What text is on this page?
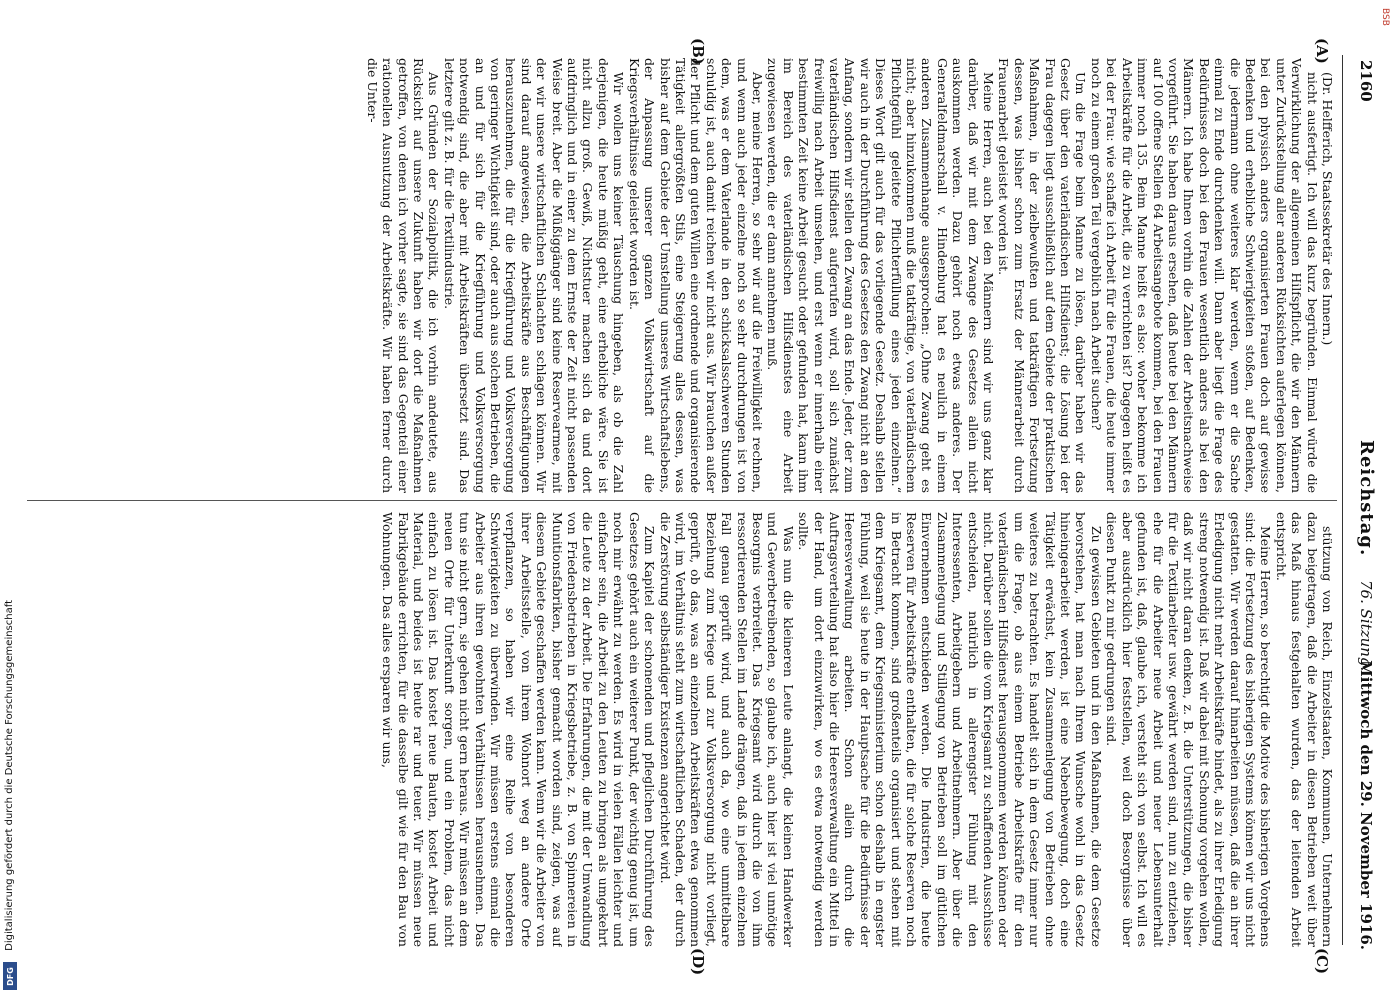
2160
Reichstag.
76. Sitzung.
Mittwoch den 29. November 1916.
(A)
(B)
(C)
(D)

(Dr. Helfferich, Staatssekretär des Innern.)

nicht ausfertigt. Ich will das kurz begründen. Einmal würde die Verwirklichung der allgemeinen Hilfspflicht, die wir den Männern unter Zurückstellung aller anderen Rücksichten auferlegen können, bei den physisch anders organisierten Frauen doch auf gewisse Bedenken und erhebliche Schwierigkeiten stoßen, auf Bedenken, die jedermann ohne weiteres klar werden, wenn er die Sache einmal zu Ende durchdenken will. Dann aber liegt die Frage des Bedürfnisses doch bei den Frauen wesentlich anders als bei den Männern. Ich habe Ihnen vorhin die Zahlen der Arbeitsnachweise vorgeführt. Sie haben daraus ersehen, daß heute bei den Männern auf 100 offene Stellen 64 Arbeitsangebote kommen, bei den Frauen immer noch 135. Beim Manne heißt es also: woher bekomme ich Arbeitskräfte für die Arbeit, die zu verrichten ist? Dagegen heißt es bei der Frau: wie schaffe ich Arbeit für die Frauen, die heute immer noch zu einem großen Teil vergeblich nach Arbeit suchen?

Um die Frage beim Manne zu lösen, darüber haben wir das Gesetz über den vaterländischen Hilfsdienst; die Lösung bei der Frau dagegen liegt ausschließlich auf dem Gebiete der praktischen Maßnahmen, in der zielbewußten und tatkräftigen Fortsetzung dessen, was bisher schon zum Ersatz der Männerarbeit durch Frauenarbeit geleistet worden ist.

Meine Herren, auch bei den Männern sind wir uns ganz klar darüber, daß wir mit dem Zwange des Gesetzes allein nicht auskommen werden. Dazu gehört noch etwas anderes. Der Generalfeldmarschall v. Hindenburg hat es neulich in einem anderen Zusammenhange ausgesprochen: „Ohne Zwang geht es nicht; aber hinzukommen muß die tatkräftige, von vaterländischem Pflichtgefühl geleitete Pflichterfüllung eines jeden einzelnen.“ Dieses Wort gilt auch für das vorliegende Gesetz. Deshalb stellen wir auch in der Durchführung des Gesetzes den Zwang nicht an den Anfang, sondern wir stellen den Zwang an das Ende. Jeder, der zum vaterländischen Hilfsdienst aufgerufen wird, soll sich zunächst freiwillig nach Arbeit umsehen, und erst wenn er innerhalb einer bestimmten Zeit keine Arbeit gesucht oder gefunden hat, kann ihm im Bereich des vaterländischen Hilfsdienstes eine Arbeit zugewiesen werden, die er dann annehmen muß.

Aber, meine Herren, so sehr wir auf die Freiwilligkeit rechnen, und wenn auch jeder einzelne noch so sehr durchdrungen ist von dem, was er dem Vaterlande in den schicksalsschweren Stunden schuldig ist, auch damit reichen wir nicht aus. Wir brauchen außer der Pflicht und dem guten Willen eine ordnende und organisierende Tätigkeit allergrößten Stils, eine Steigerung alles dessen, was bisher auf dem Gebiete der Umstellung unseres Wirtschaftslebens, der Anpassung unserer ganzen Volkswirtschaft auf die Kriegsverhältnisse geleistet worden ist.

Wir wollen uns keiner Täuschung hingeben, als ob die Zahl derjenigen, die heute müßig geht, eine erhebliche wäre. Sie ist nicht allzu groß. Gewiß, Nichtstuer machen sich da und dort aufdringlich und in einer zu dem Ernste der Zeit nicht passenden Weise breit. Aber die Müßiggänger sind keine Reservearmee, mit der wir unsere wirtschaftlichen Schlachten schlagen können. Wir sind darauf angewiesen, die Arbeitskräfte aus Beschäftigungen herauszunehmen, die für die Kriegführung und Volksversorgung von geringer Wichtigkeit sind, oder auch aus solchen Betrieben, die an und für sich für die Kriegführung und Volksversorgung notwendig sind, die aber mit Arbeitskräften übersetzt sind. Das letztere gilt z. B. für die Textilindustrie.

Aus Gründen der Sozialpolitik, die ich vorhin andeutete, aus Rücksicht auf unsere Zukunft haben wir dort die Maßnahmen getroffen, von denen ich vorher sagte, sie sind das Gegenteil einer rationellen Ausnutzung der Arbeitskräfte. Wir haben ferner durch die Unter-

stützung von Reich, Einzelstaaten, Kommunen, Unternehmern dazu beigetragen, daß die Arbeiter in diesen Betrieben weit über das Maß hinaus festgehalten wurden, das der leitenden Arbeit entspricht.

Meine Herren, so berechtigt die Motive des bisherigen Vorgehens sind: die Fortsetzung des bisherigen Systems können wir uns nicht gestatten. Wir werden darauf hinarbeiten müssen, daß die an ihrer Erledigung nicht mehr Arbeitskräfte bindet, als zu ihrer Erledigung streng notwendig ist. Daß wir dabei mit Schonung vorgehen wollen, daß wir nicht daran denken, z. B. die Unterstützungen, die bisher für die Textilarbeiter usw. gewährt werden sind, nun zu entziehen, ehe für die Arbeiter neue Arbeit und neuer Lebensunterhalt gefunden ist, daß, glaube ich, versteht sich von selbst. Ich will es aber ausdrücklich hier feststellen, weil doch Besorgnisse über diesen Punkt zu mir gedrungen sind.

Zu gewissen Gebieten und in den Maßnahmen, die dem Gesetze bevorstehen, hat man nach Ihrem Wunsche wohl in das Gesetz hineingearbeitet werden, ist eine Nebenbewegung, doch eine Tätigkeit erwächst, kein Zusammenlegung von Betrieben ohne weiteres zu betrachten. Es handelt sich in dem Gesetz immer nur um die Frage, ob aus einem Betriebe Arbeitskräfte für den vaterländischen Hilfsdienst herausgenommen werden können oder nicht. Darüber sollen die vom Kriegsamt zu schaffenden Ausschüsse entscheiden, natürlich in allerengster Fühlung mit den Interessenten, Arbeitgebern und Arbeitnehmern. Aber über die Zusammenlegung und Stillegung von Betrieben soll im gütlichen Einvernehmen entschieden werden. Die Industrien, die heute Reserven für Arbeitskräfte enthalten, die für solche Reserven noch in Betracht kommen, sind großenteils organisiert und stehen mit dem Kriegsamt, dem Kriegsministerium schon deshalb in engster Fühlung, weil sie heute in der Hauptsache für die Bedürfnisse der Heeresverwaltung arbeiten. Schon allein durch die Auftragsverteilung hat also hier die Heeresverwaltung ein Mittel in der Hand, um dort einzuwirken, wo es etwa notwendig werden sollte.

Was nun die kleineren Leute anlangt, die kleinen Handwerker und Gewerbetreibenden, so glaube ich, auch hier ist viel unnötige Besorgnis verbreitet. Das Kriegsamt wird durch die von ihm ressortierenden Stellen im Lande drängen, daß in jedem einzelnen Fall genau geprüft wird, und auch da, wo eine unmittelbare Beziehung zum Kriege und zur Volksversorgung nicht vorliegt, geprüft, ob das, was an einzelnen Arbeitskräften etwa genommen wird, im Verhältnis steht zum wirtschaftlichen Schaden, der durch die Zerstörung selbständiger Existenzen angerichtet wird.

Zum Kapitel der schonenden und pfleglichen Durchführung des Gesetzes gehört auch ein weiterer Punkt, der wichtig genug ist, um noch mir erwähnt zu werden. Es wird in vielen Fällen leichter und einfacher sein, die Arbeit zu den Leuten zu bringen als umgekehrt die Leute zu der Arbeit. Die Erfahrungen, die mit der Umwandlung von Friedensbetrieben in Kriegsbetriebe, z. B. von Spinnereien in Munitionsfabriken, bisher gemacht worden sind, zeigen, was auf diesem Gebiete geschaffen werden kann. Wenn wir die Arbeiter von ihrer Arbeitsstelle, von ihrem Wohnort weg an andere Orte verpflanzen, so haben wir eine Reihe von besonderen Schwierigkeiten zu überwinden. Wir müssen erstens einmal die Arbeiter aus ihren gewohnten Verhältnissen herausnehmen. Das tun sie nicht gern, sie gehen nicht gern heraus. Wir müssen an dem neuen Orte für Unterkunft sorgen, und ein Problem, das nicht einfach zu lösen ist. Das kostet neue Bauten, kostet Arbeit und Material, und beides ist heute rar und teuer. Wir müssen neue Fabrikgebäude errichten, für die dasselbe gilt wie für den Bau von Wohnungen. Das alles ersparen wir uns,

Digitalisierung gefördert durch die Deutsche Forschungsgemeinschaft
DFG
BSB
